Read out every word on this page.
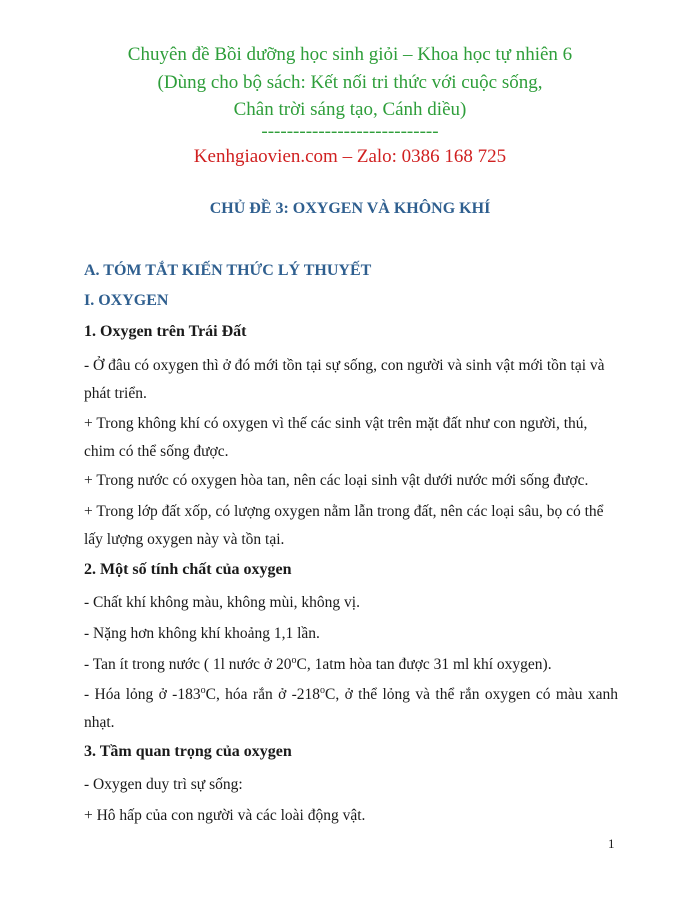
Chuyên đề Bồi dưỡng học sinh giỏi – Khoa học tự nhiên 6
(Dùng cho bộ sách: Kết nối tri thức với cuộc sống,
Chân trời sáng tạo, Cánh diều)
----------------------------
Kenhgiaovien.com – Zalo: 0386 168 725
CHỦ ĐỀ 3: OXYGEN VÀ KHÔNG KHÍ
A. TÓM TẮT KIẾN THỨC LÝ THUYẾT
I. OXYGEN
1. Oxygen trên Trái Đất
- Ở đâu có oxygen thì ở đó mới tồn tại sự sống, con người và sinh vật mới tồn tại và phát triển.
+ Trong không khí có oxygen vì thế các sinh vật trên mặt đất như con người, thú, chim có thể sống được.
+ Trong nước có oxygen hòa tan, nên các loại sinh vật dưới nước mới sống được.
+ Trong lớp đất xốp, có lượng oxygen nằm lẫn trong đất, nên các loại sâu, bọ có thể lấy lượng oxygen này và tồn tại.
2. Một số tính chất của oxygen
- Chất khí không màu, không mùi, không vị.
- Nặng hơn không khí khoảng 1,1 lần.
- Tan ít trong nước ( 1l nước ở 20$^o$C, 1atm hòa tan được 31 ml khí oxygen).
- Hóa lỏng ở -183$^o$C, hóa rắn ở -218$^o$C, ở thể lỏng và thể rắn oxygen có màu xanh nhạt.
3. Tầm quan trọng của oxygen
- Oxygen duy trì sự sống:
+ Hô hấp của con người và các loài động vật.
1
